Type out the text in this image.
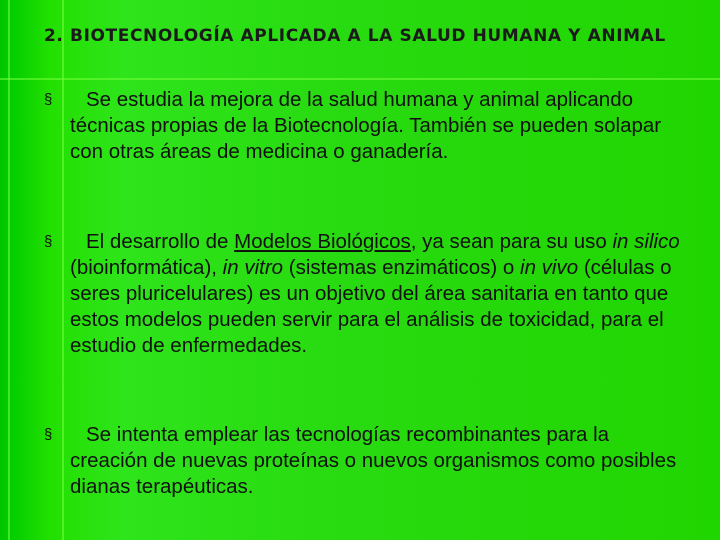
2. BIOTECNOLOGÍA APLICADA A LA SALUD HUMANA Y ANIMAL
§	Se estudia la mejora de la salud humana y animal aplicando técnicas propias de la Biotecnología. También se pueden solapar con otras áreas de medicina o ganadería.
§	El desarrollo de Modelos Biológicos, ya sean para su uso in silico (bioinformática), in vitro (sistemas enzimáticos) o in vivo (células o seres pluricelulares) es un objetivo del área sanitaria en tanto que estos modelos pueden servir para el análisis de toxicidad, para el estudio de enfermedades.
§	Se intenta emplear las tecnologías recombinantes para la creación de nuevas proteínas o nuevos organismos como posibles dianas terapéuticas.
